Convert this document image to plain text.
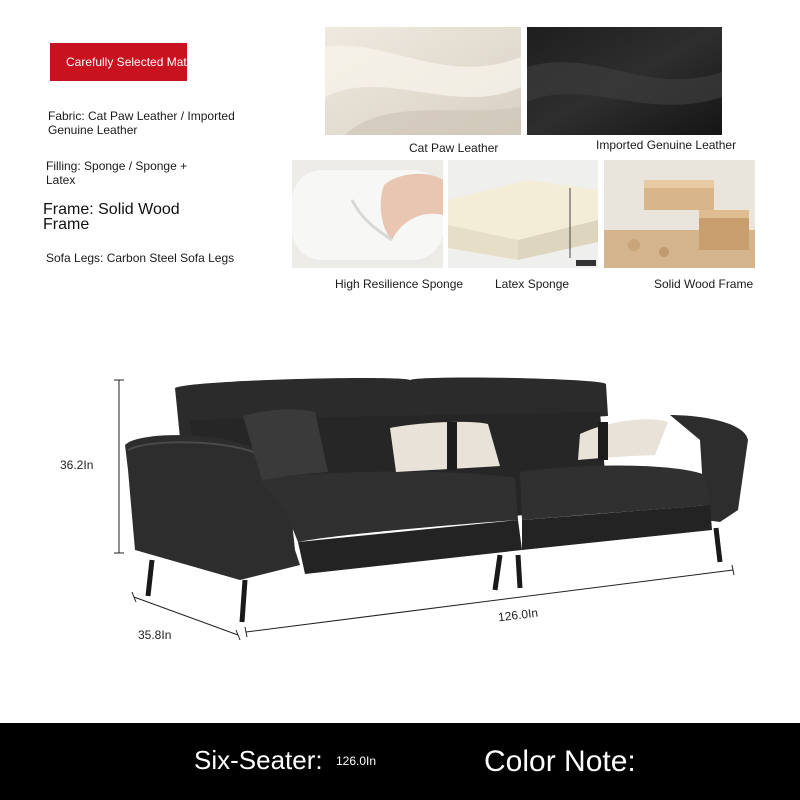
Carefully Selected Materials
Fabric: Cat Paw Leather / Imported Genuine Leather
Filling: Sponge / Sponge + Latex
Frame: Solid Wood Frame
Sofa Legs: Carbon Steel Sofa Legs
Cat Paw Leather	Imported Genuine Leather
High Resilience Sponge	Latex Sponge	Solid Wood Frame
36.2In
35.8In
126.0In
Six-Seater: 126.0In	Color Note:
